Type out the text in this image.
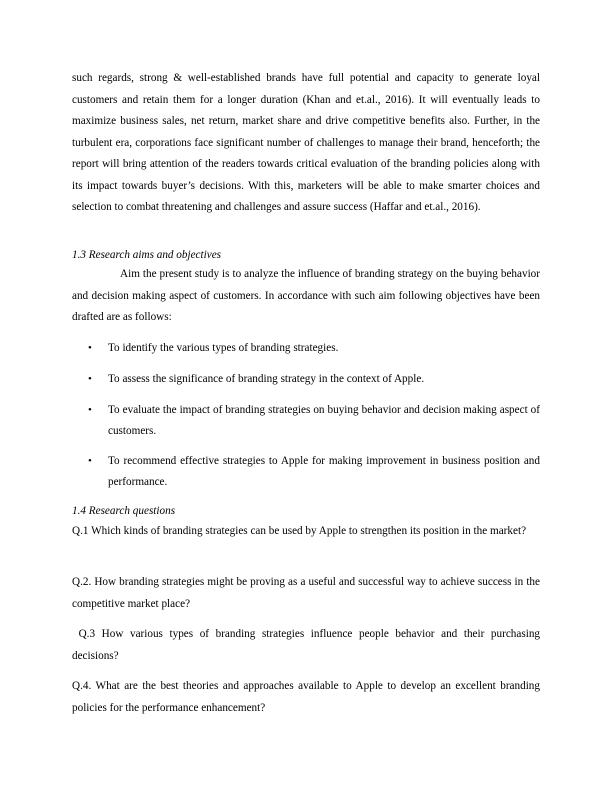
such regards, strong & well-established brands have full potential and capacity to generate loyal customers and retain them for a longer duration (Khan and et.al., 2016). It will eventually leads to maximize business sales, net return, market share and drive competitive benefits also. Further, in the turbulent era, corporations face significant number of challenges to manage their brand, henceforth; the report will bring attention of the readers towards critical evaluation of the branding policies along with its impact towards buyer’s decisions. With this, marketers will be able to make smarter choices and selection to combat threatening and challenges and assure success (Haffar and et.al., 2016).

1.3 Research aims and objectives

Aim the present study is to analyze the influence of branding strategy on the buying behavior and decision making aspect of customers. In accordance with such aim following objectives have been drafted are as follows:

• To identify the various types of branding strategies.
• To assess the significance of branding strategy in the context of Apple.
• To evaluate the impact of branding strategies on buying behavior and decision making aspect of customers.
• To recommend effective strategies to Apple for making improvement in business position and performance.

1.4 Research questions

Q.1 Which kinds of branding strategies can be used by Apple to strengthen its position in the market?

Q.2. How branding strategies might be proving as a useful and successful way to achieve success in the competitive market place?

Q.3 How various types of branding strategies influence people behavior and their purchasing decisions?

Q.4. What are the best theories and approaches available to Apple to develop an excellent branding policies for the performance enhancement?
